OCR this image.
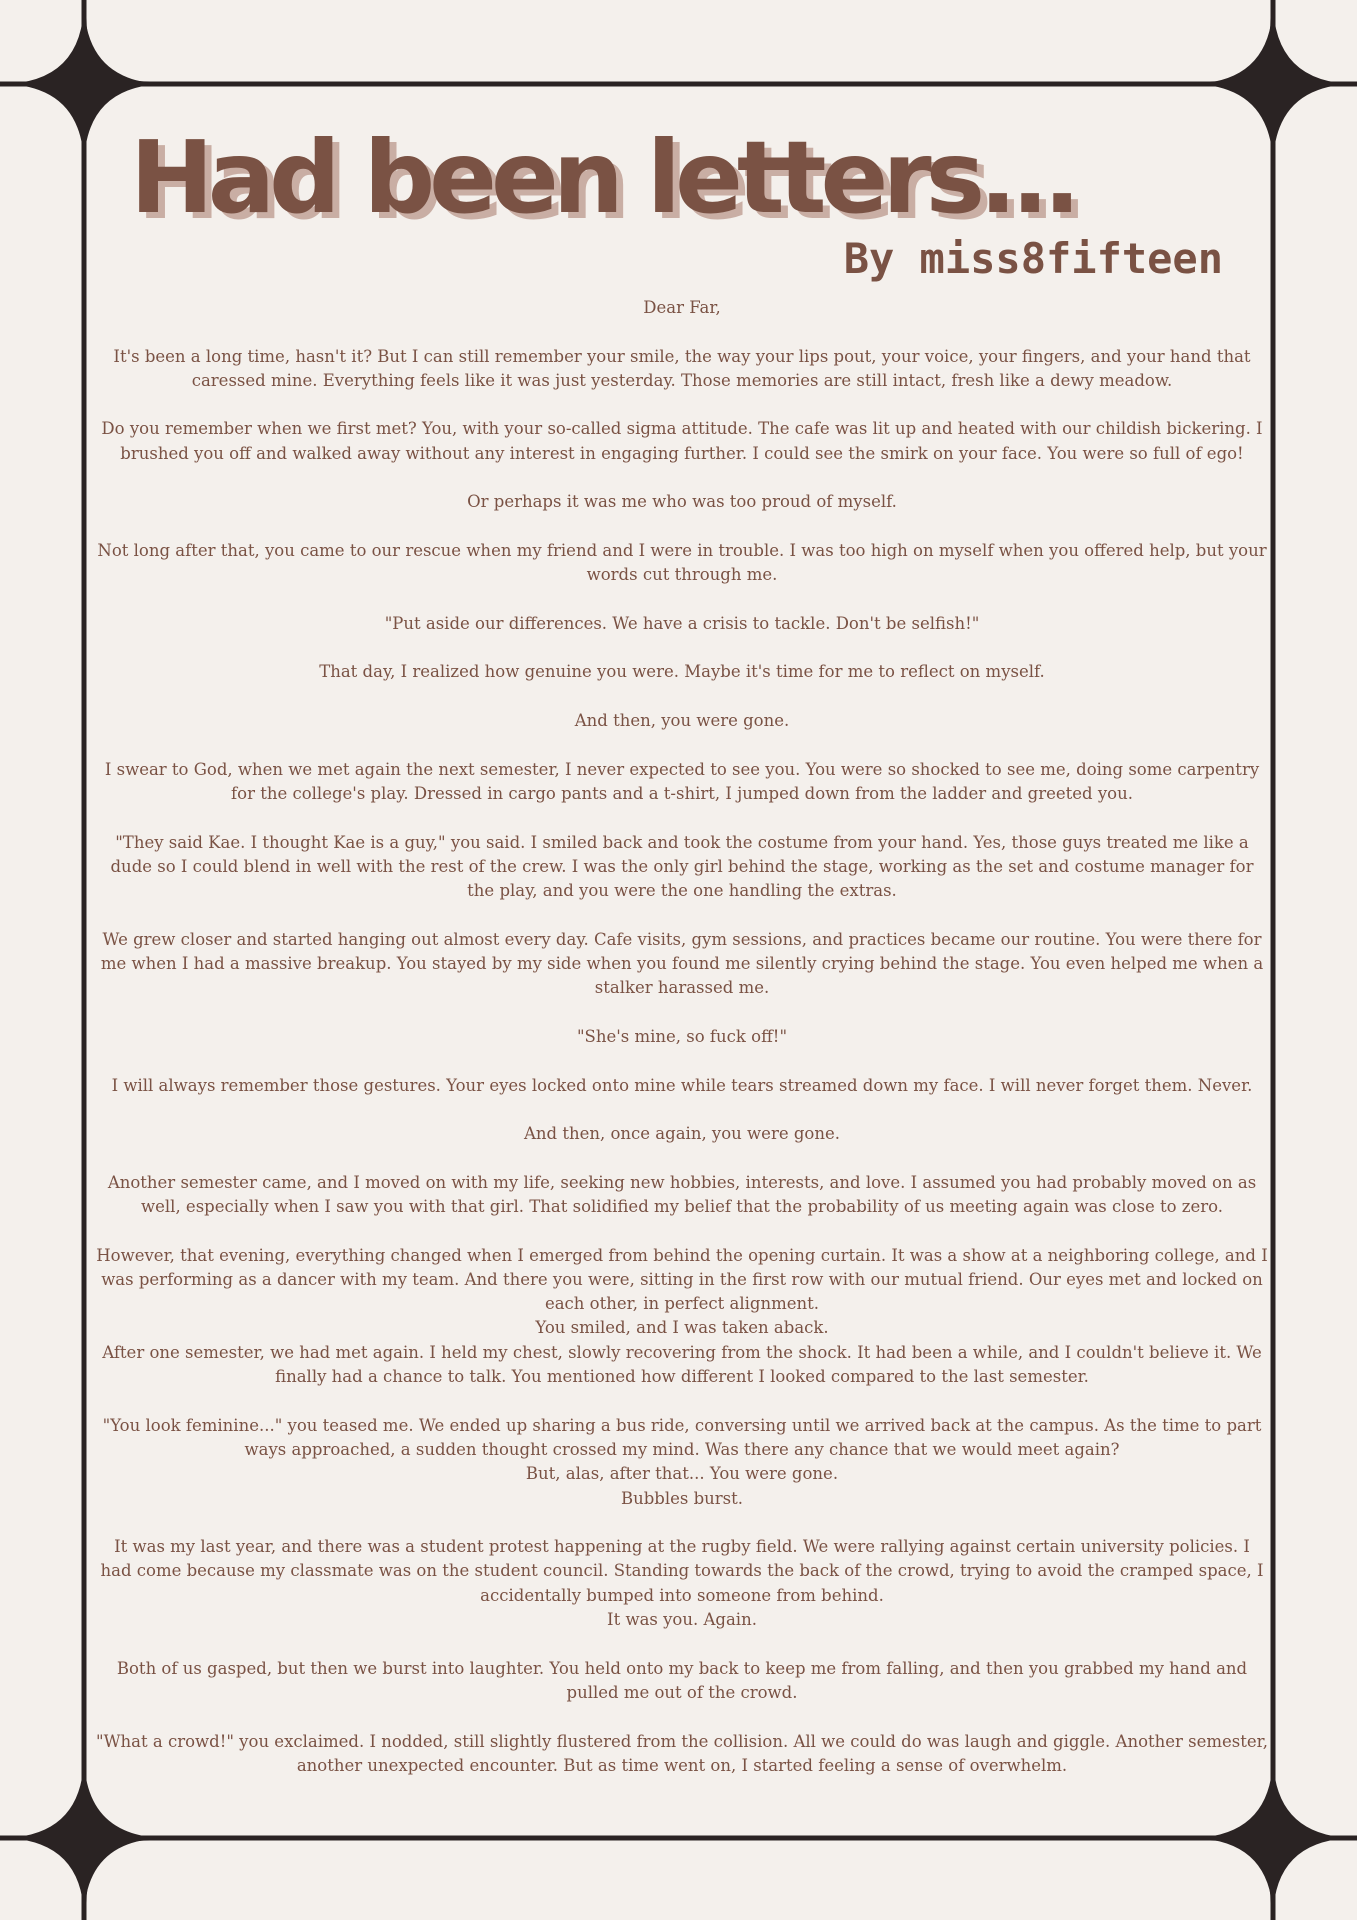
Had been letters...
By miss8fifteen

Dear Far,

It's been a long time, hasn't it? But I can still remember your smile, the way your lips pout, your voice, your fingers, and your hand that caressed mine. Everything feels like it was just yesterday. Those memories are still intact, fresh like a dewy meadow.

Do you remember when we first met? You, with your so-called sigma attitude. The cafe was lit up and heated with our childish bickering. I brushed you off and walked away without any interest in engaging further. I could see the smirk on your face. You were so full of ego!

Or perhaps it was me who was too proud of myself.

Not long after that, you came to our rescue when my friend and I were in trouble. I was too high on myself when you offered help, but your words cut through me.

"Put aside our differences. We have a crisis to tackle. Don't be selfish!"

That day, I realized how genuine you were. Maybe it's time for me to reflect on myself.

And then, you were gone.

I swear to God, when we met again the next semester, I never expected to see you. You were so shocked to see me, doing some carpentry for the college's play. Dressed in cargo pants and a t-shirt, I jumped down from the ladder and greeted you.

"They said Kae. I thought Kae is a guy," you said. I smiled back and took the costume from your hand. Yes, those guys treated me like a dude so I could blend in well with the rest of the crew. I was the only girl behind the stage, working as the set and costume manager for the play, and you were the one handling the extras.

We grew closer and started hanging out almost every day. Cafe visits, gym sessions, and practices became our routine. You were there for me when I had a massive breakup. You stayed by my side when you found me silently crying behind the stage. You even helped me when a stalker harassed me.

"She's mine, so fuck off!"

I will always remember those gestures. Your eyes locked onto mine while tears streamed down my face. I will never forget them. Never.

And then, once again, you were gone.

Another semester came, and I moved on with my life, seeking new hobbies, interests, and love. I assumed you had probably moved on as well, especially when I saw you with that girl. That solidified my belief that the probability of us meeting again was close to zero.

However, that evening, everything changed when I emerged from behind the opening curtain. It was a show at a neighboring college, and I was performing as a dancer with my team. And there you were, sitting in the first row with our mutual friend. Our eyes met and locked on each other, in perfect alignment.
You smiled, and I was taken aback.
After one semester, we had met again. I held my chest, slowly recovering from the shock. It had been a while, and I couldn't believe it. We finally had a chance to talk. You mentioned how different I looked compared to the last semester.
"You look feminine..." you teased me. We ended up sharing a bus ride, conversing until we arrived back at the campus. As the time to part ways approached, a sudden thought crossed my mind. Was there any chance that we would meet again?
But, alas, after that... You were gone.
Bubbles burst.
It was my last year, and there was a student protest happening at the rugby field. We were rallying against certain university policies. I had come because my classmate was on the student council. Standing towards the back of the crowd, trying to avoid the cramped space, I accidentally bumped into someone from behind.
It was you. Again.

Both of us gasped, but then we burst into laughter. You held onto my back to keep me from falling, and then you grabbed my hand and pulled me out of the crowd.

"What a crowd!" you exclaimed. I nodded, still slightly flustered from the collision. All we could do was laugh and giggle. Another semester, another unexpected encounter. But as time went on, I started feeling a sense of overwhelm.
